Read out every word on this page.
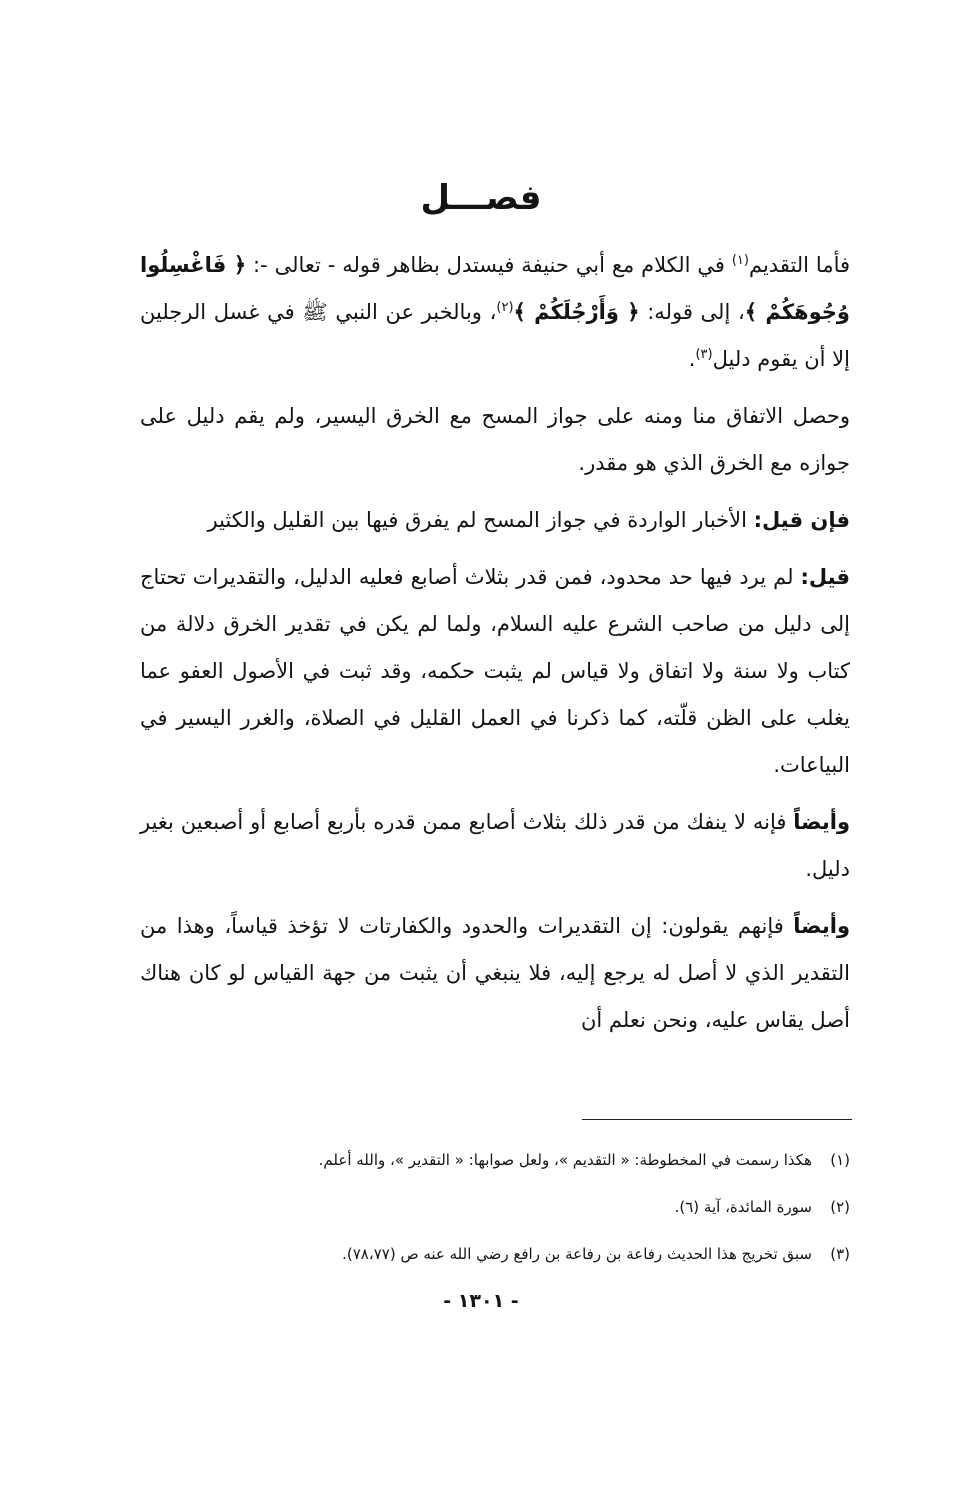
فصـــل

فأما التقديم$^{(١)}$ في الكلام مع أبي حنيفة فيستدل بظاهر قوله - تعالى -: ﴿ فَاغْسِلُوا وُجُوهَكُمْ ﴾، إلى قوله: ﴿ وَأَرْجُلَكُمْ ﴾$^{(٢)}$، وبالخبر عن النبي ﷺ في غسل الرجلين إلا أن يقوم دليل$^{(٣)}$.

وحصل الاتفاق منا ومنه على جواز المسح مع الخرق اليسير، ولم يقم دليل على جوازه مع الخرق الذي هو مقدر.

فإن قيل: الأخبار الواردة في جواز المسح لم يفرق فيها بين القليل والكثير

قيل: لم يرد فيها حد محدود، فمن قدر بثلاث أصابع فعليه الدليل، والتقديرات تحتاج إلى دليل من صاحب الشرع عليه السلام، ولما لم يكن في تقدير الخرق دلالة من كتاب ولا سنة ولا اتفاق ولا قياس لم يثبت حكمه، وقد ثبت في الأصول العفو عما يغلب على الظن قلّته، كما ذكرنا في العمل القليل في الصلاة، والغرر اليسير في البياعات.

وأيضاً فإنه لا ينفك من قدر ذلك بثلاث أصابع ممن قدره بأربع أصابع أو أصبعين بغير دليل.

وأيضاً فإنهم يقولون: إن التقديرات والحدود والكفارتات لا تؤخذ قياساً، وهذا من التقدير الذي لا أصل له يرجع إليه، فلا ينبغي أن يثبت من جهة القياس لو كان هناك أصل يقاس عليه، ونحن نعلم أن

(١)
هكذا رسمت في المخطوطة: « التقديم »، ولعل صوابها: « التقدير »، والله أعلم.
(٢)
سورة المائدة، آية (٦).
(٣)
سبق تخريج هذا الحديث رفاعة بن رفاعة بن رافع رضي الله عنه ص (٧٨،٧٧).
- ١٣٠١ -
